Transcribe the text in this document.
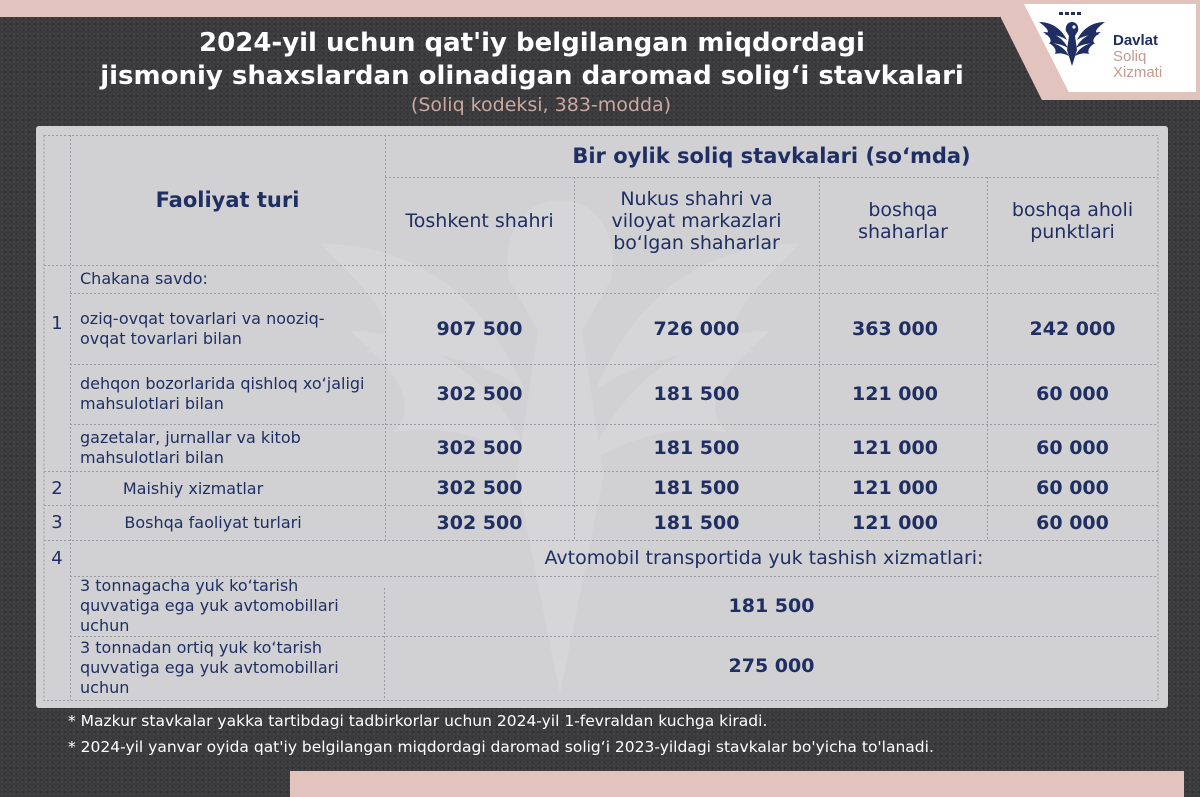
Davlat
Soliq
Xizmati
2024-yil uchun qat'iy belgilangan miqdordagi
jismoniy shaxslardan olinadigan daromad solig‘i stavkalari
(Soliq kodeksi, 383-modda)
Faoliyat turi
Bir oylik soliq stavkalari (so‘mda)
Toshkent shahri
Nukus shahri va viloyat markazlari bo‘lgan shaharlar
boshqa shaharlar
boshqa aholi punktlari
1
Chakana savdo:
oziq-ovqat tovarlari va nooziq-ovqat tovarlari bilan	907 500	726 000	363 000	242 000
dehqon bozorlarida qishloq xo‘jaligi mahsulotlari bilan	302 500	181 500	121 000	60 000
gazetalar, jurnallar va kitob mahsulotlari bilan	302 500	181 500	121 000	60 000
2	Maishiy xizmatlar	302 500	181 500	121 000	60 000
3	Boshqa faoliyat turlari	302 500	181 500	121 000	60 000
4	Avtomobil transportida yuk tashish xizmatlari:
3 tonnagacha yuk ko‘tarish quvvatiga ega yuk avtomobillari uchun
181 500
3 tonnadan ortiq yuk ko‘tarish quvvatiga ega yuk avtomobillari uchun
275 000
* Mazkur stavkalar yakka tartibdagi tadbirkorlar uchun 2024-yil 1-fevraldan kuchga kiradi.
* 2024-yil yanvar oyida qat'iy belgilangan miqdordagi daromad solig‘i 2023-yildagi stavkalar bo'yicha to'lanadi.
